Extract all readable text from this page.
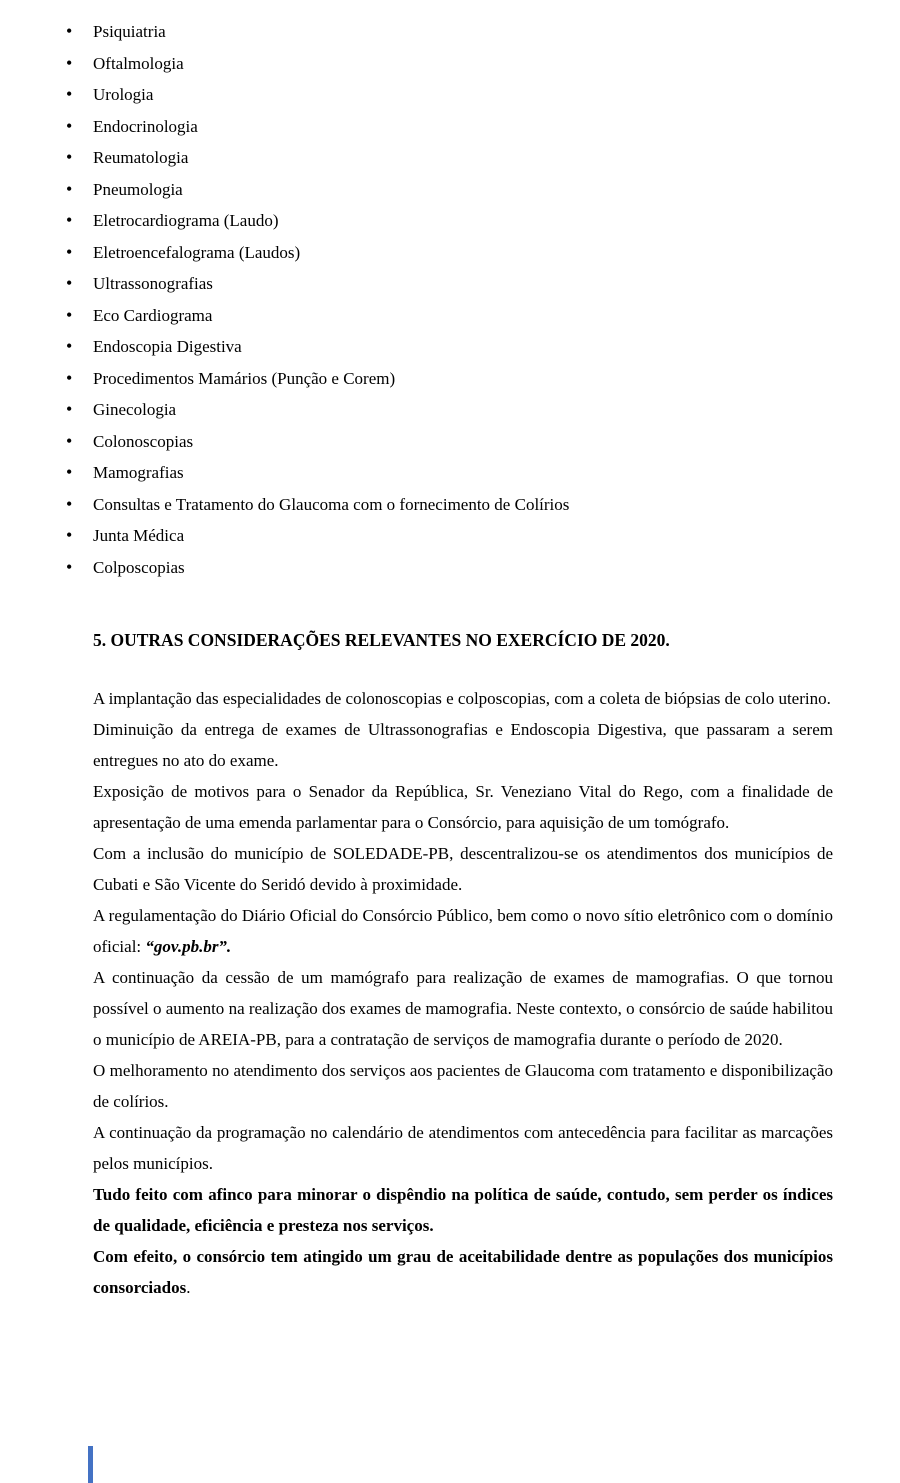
• Psiquiatria
• Oftalmologia
• Urologia
• Endocrinologia
• Reumatologia
• Pneumologia
• Eletrocardiograma (Laudo)
• Eletroencefalograma (Laudos)
• Ultrassonografias
• Eco Cardiograma
• Endoscopia Digestiva
• Procedimentos Mamários (Punção e Corem)
• Ginecologia
• Colonoscopias
• Mamografias
• Consultas e Tratamento do Glaucoma com o fornecimento de Colírios
• Junta Médica
• Colposcopias
5. OUTRAS CONSIDERAÇÕES RELEVANTES NO EXERCÍCIO DE 2020.

A implantação das especialidades de colonoscopias e colposcopias, com a coleta de biópsias de colo uterino.

Diminuição da entrega de exames de Ultrassonografias e Endoscopia Digestiva, que passaram a serem entregues no ato do exame.

Exposição de motivos para o Senador da República, Sr. Veneziano Vital do Rego, com a finalidade de apresentação de uma emenda parlamentar para o Consórcio, para aquisição de um tomógrafo.

Com a inclusão do município de SOLEDADE-PB, descentralizou-se os atendimentos dos municípios de Cubati e São Vicente do Seridó devido à proximidade.

A regulamentação do Diário Oficial do Consórcio Público, bem como o novo sítio eletrônico com o domínio oficial: “gov.pb.br”.

A continuação da cessão de um mamógrafo para realização de exames de mamografias. O que tornou possível o aumento na realização dos exames de mamografia. Neste contexto, o consórcio de saúde habilitou o município de AREIA-PB, para a contratação de serviços de mamografia durante o período de 2020.

O melhoramento no atendimento dos serviços aos pacientes de Glaucoma com tratamento e disponibilização de colírios.

A continuação da programação no calendário de atendimentos com antecedência para facilitar as marcações pelos municípios.

Tudo feito com afinco para minorar o dispêndio na política de saúde, contudo, sem perder os índices de qualidade, eficiência e presteza nos serviços.

Com efeito, o consórcio tem atingido um grau de aceitabilidade dentre as populações dos municípios consorciados.
